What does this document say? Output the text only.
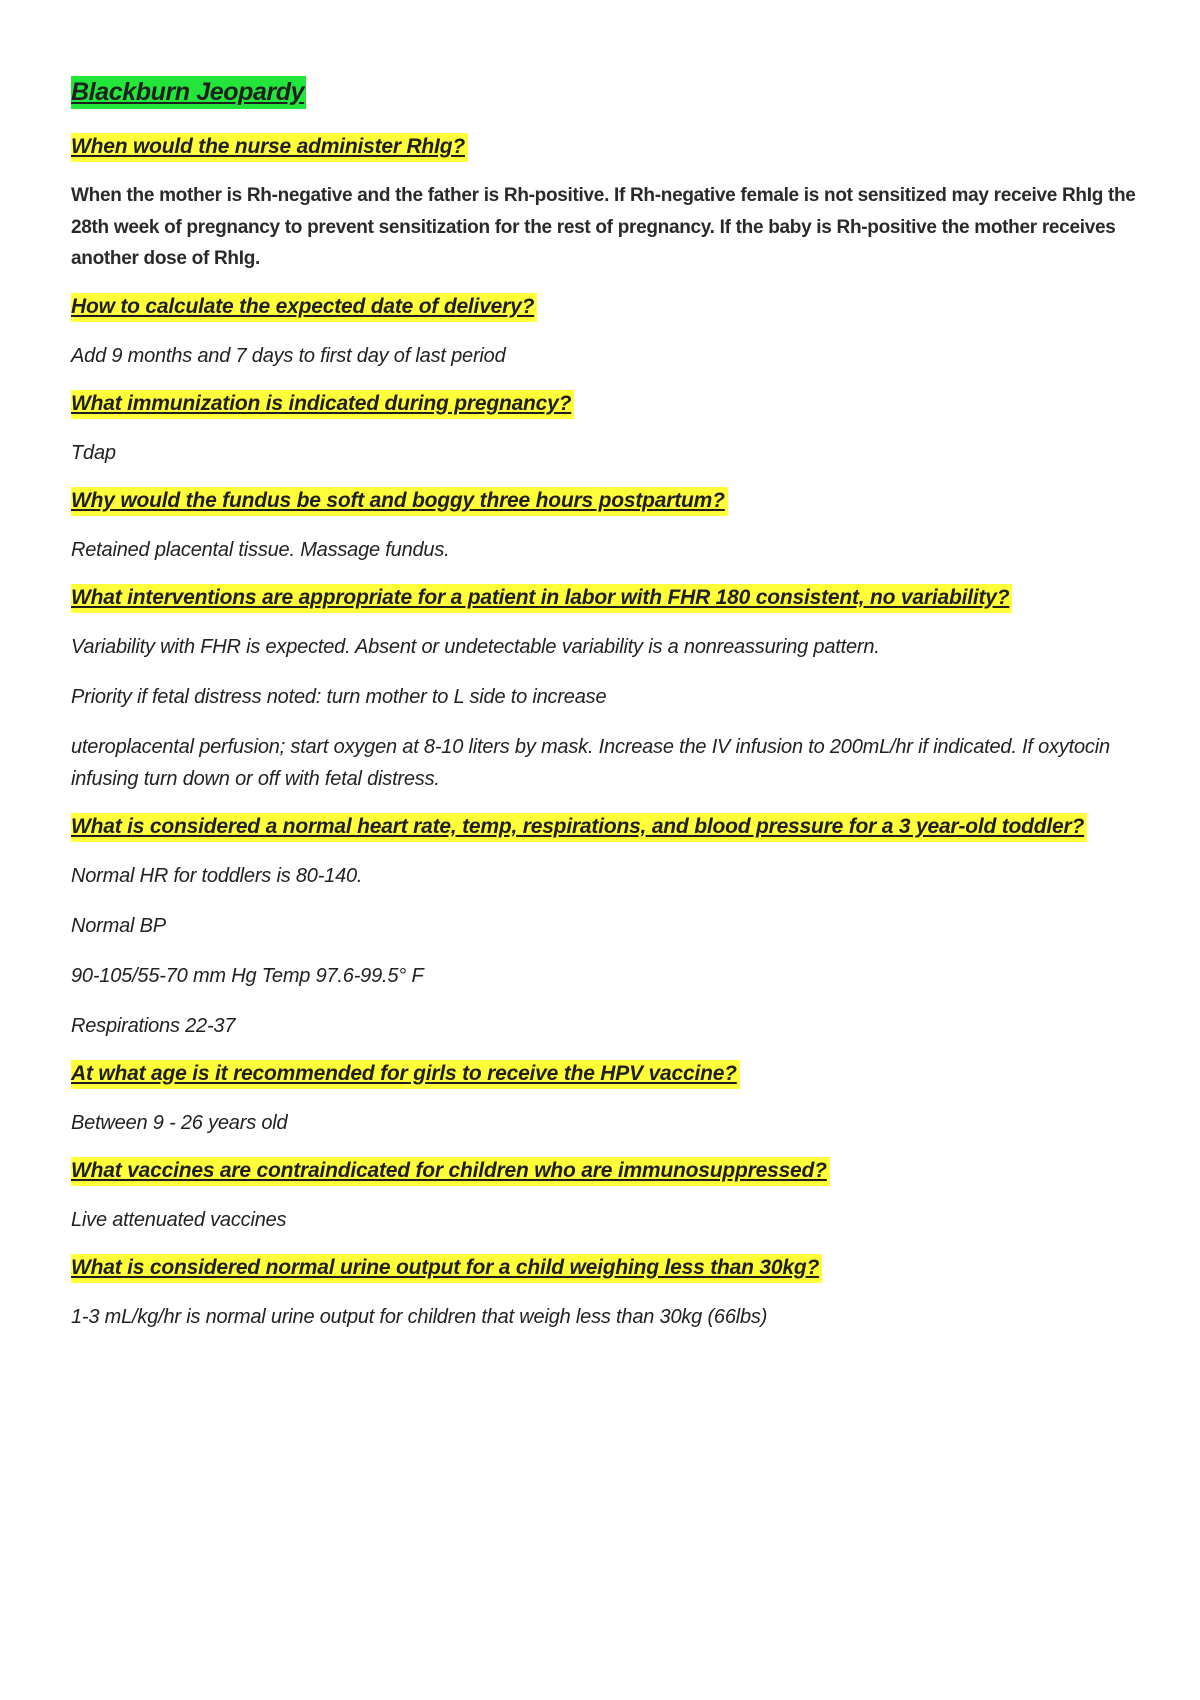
Blackburn Jeopardy
When would the nurse administer RhIg?
When the mother is Rh-negative and the father is Rh-positive. If Rh-negative female is not sensitized may receive RhIg the 28th week of pregnancy to prevent sensitization for the rest of pregnancy. If the baby is Rh-positive the mother receives another dose of RhIg.
How to calculate the expected date of delivery?
Add 9 months and 7 days to first day of last period
What immunization is indicated during pregnancy?
Tdap
Why would the fundus be soft and boggy three hours postpartum?
Retained placental tissue. Massage fundus.
What interventions are appropriate for a patient in labor with FHR 180 consistent, no variability?
Variability with FHR is expected. Absent or undetectable variability is a nonreassuring pattern.
Priority if fetal distress noted: turn mother to L side to increase
uteroplacental perfusion; start oxygen at 8-10 liters by mask. Increase the IV infusion to 200mL/hr if indicated. If oxytocin infusing turn down or off with fetal distress.
What is considered a normal heart rate, temp, respirations, and blood pressure for a 3 year-old toddler?
Normal HR for toddlers is 80-140.
Normal BP
90-105/55-70 mm Hg Temp 97.6-99.5° F
Respirations 22-37
At what age is it recommended for girls to receive the HPV vaccine?
Between 9 - 26 years old
What vaccines are contraindicated for children who are immunosuppressed?
Live attenuated vaccines
What is considered normal urine output for a child weighing less than 30kg?
1-3 mL/kg/hr is normal urine output for children that weigh less than 30kg (66lbs)
